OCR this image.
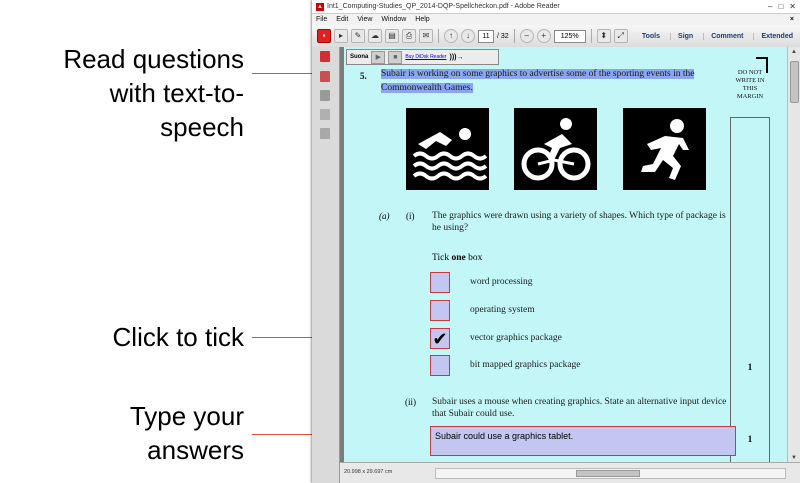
Read questions
with text-to-
speech
Click to tick
Type your
answers
▲ Int1_Computing-Studies_QP_2014-DQP-Spellcheckon.pdf - Adobe Reader	– □ ✕
File Edit View Window Help	×
▪	▸	✎	☁	▤	⎙	✉	↑	↓	11	/ 32	–	+	125%	⬍	⤢	Tools	Sign	Comment	Extended
Suona	▶	■	Buy DiDsk Reader )))→
5. Subair is working on some graphics to advertise some of the sporting events in the Commonwealth Games.
DO NOT WRITE IN THIS MARGIN
(a) (i) The graphics were drawn using a variety of shapes. Which type of package is he using?
Tick one box
word processing
operating system
✔ vector graphics package
bit mapped graphics package	1
(ii) Subair uses a mouse when creating graphics. State an alternative input device that Subair could use.
Subair could use a graphics tablet.	1
▲
▼
20.998 x 29.697 cm
